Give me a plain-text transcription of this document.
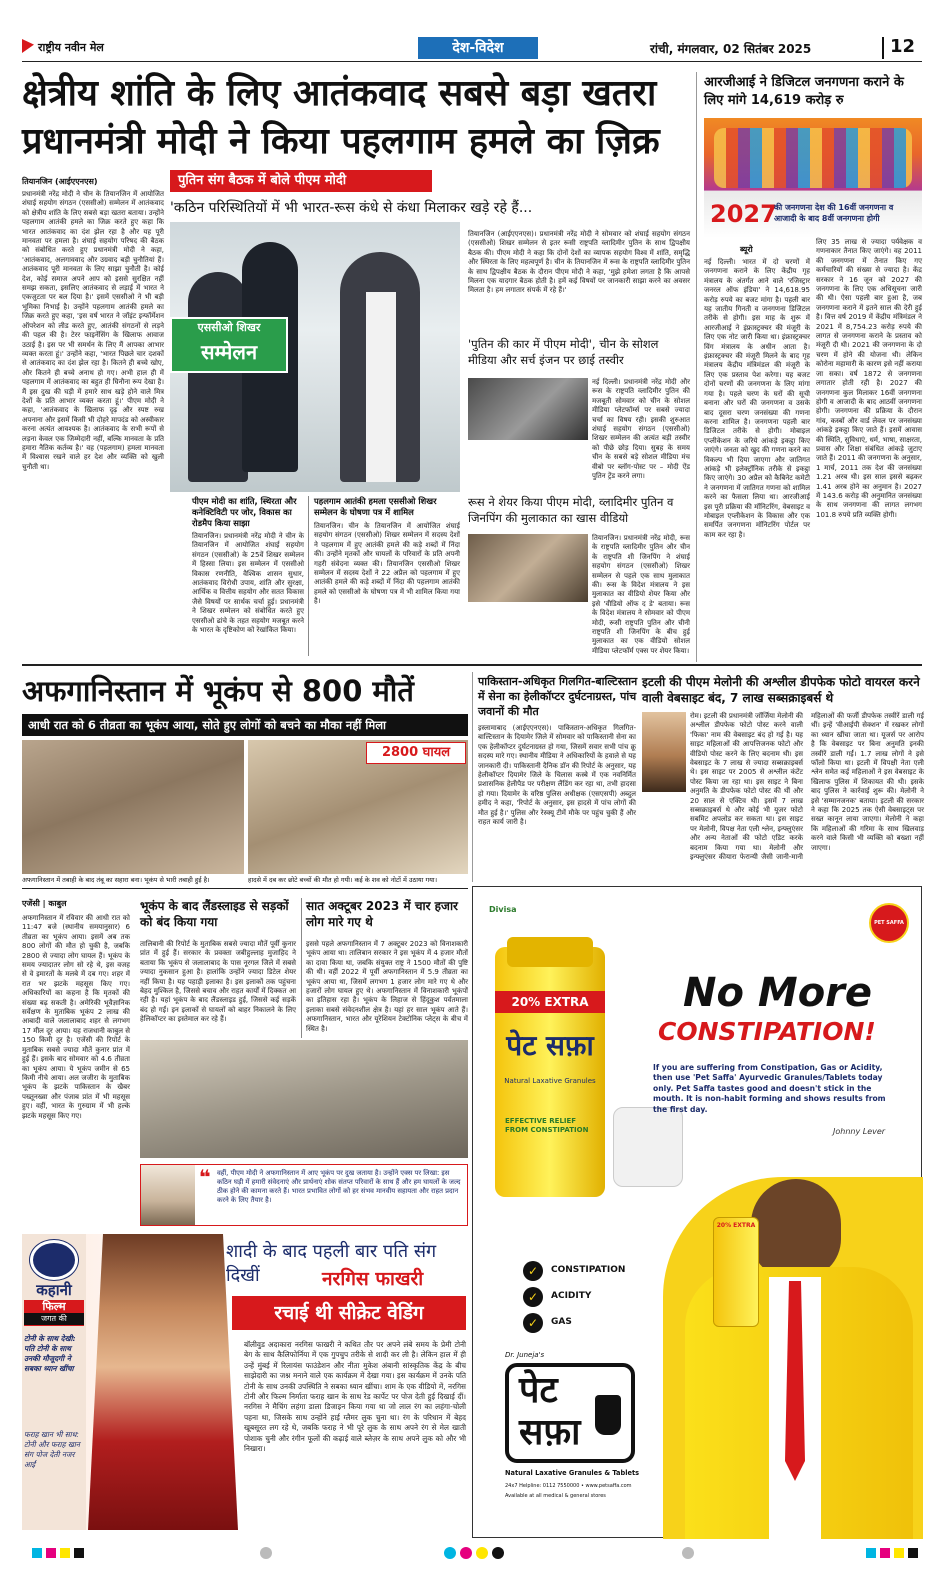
राष्ट्रीय नवीन मेल	देश-विदेश	रांची, मंगलवार, 02 सितंबर 2025	12
क्षेत्रीय शांति के लिए आतंकवाद सबसे बड़ा खतरा
प्रधानमंत्री मोदी ने किया पहलगाम हमले का ज़िक्र
पुतिन संग बैठक में बोले पीएम मोदी
'कठिन परिस्थितियों में भी भारत-रूस कंधे से कंधा मिलाकर खड़े रहे हैं...
तियानजिन (आईएएनएस)
प्रधानमंत्री नरेंद्र मोदी ने चीन के तियानजिन में आयोजित शंघाई सहयोग संगठन (एससीओ) सम्मेलन में आतंकवाद को क्षेत्रीय शांति के लिए सबसे बड़ा खतरा बताया। उन्होंने पहलगाम आतंकी हमले का जिक्र करते हुए कहा कि भारत आतंकवाद का दंश झेल रहा है और यह पूरी मानवता पर हमला है। शंघाई सहयोग परिषद की बैठक को संबोधित करते हुए प्रधानमंत्री मोदी ने कहा, 'आतंकवाद, अलगाववाद और उग्रवाद बड़ी चुनौतियां हैं। आतंकवाद पूरी मानवता के लिए साझा चुनौती है। कोई देश, कोई समाज अपने आप को इससे सुरक्षित नहीं समझ सकता, इसलिए आतंकवाद से लड़ाई में भारत ने एकजुटता पर बल दिया है।' इसमें एससीओ ने भी बड़ी भूमिका निभाई है। उन्होंने पहलगाम आतंकी हमले का जिक्र करते हुए कहा, 'इस वर्ष भारत ने जॉइंट इन्फॉर्मेशन ऑपरेशन को लीड करते हुए, आतंकी संगठनों से लड़ने की पहल की है। टेरर फाइनेंसिंग के खिलाफ आवाज उठाई है। इस पर भी समर्थन के लिए मैं आपका आभार व्यक्त करता हूं।' उन्होंने कहा, 'भारत पिछले चार दशकों से आतंकवाद का दंश झेल रहा है। कितने ही बच्चे खोए, और कितने ही बच्चे अनाथ हो गए। अभी हाल ही में पहलगाम में आतंकवाद का बहुत ही घिनौना रूप देखा है। मैं इस दुख की घड़ी में हमारे साथ खड़े होने वाले मित्र देशों के प्रति आभार व्यक्त करता हूं।' पीएम मोदी ने कहा, 'आतंकवाद के खिलाफ दृढ़ और स्पष्ट रुख अपनाना और इसमें किसी भी दोहरे मापदंड को अस्वीकार करना अत्यंत आवश्यक है। आतंकवाद के सभी रूपों से लड़ना केवल एक जिम्मेदारी नहीं, बल्कि मानवता के प्रति हमारा नैतिक कर्तव्य है।' वह (पहलगाम) हमला मानवता में विश्वास रखने वाले हर देश और व्यक्ति को खुली चुनौती था।
एससीओ शिखर
सम्मेलन
पीएम मोदी का शांति, स्थिरता और कनेक्टिविटी पर जोर, विकास का रोडमैप किया साझा
तियानजिन। प्रधानमंत्री नरेंद्र मोदी ने चीन के तियानजिन में आयोजित शंघाई सहयोग संगठन (एससीओ) के 25वें शिखर सम्मेलन में हिस्सा लिया। इस सम्मेलन में एससीओ विकास रणनीति, वैश्विक शासन सुधार, आतंकवाद विरोधी उपाय, शांति और सुरक्षा, आर्थिक व वित्तीय सहयोग और सतत विकास जैसे विषयों पर सार्थक चर्चा हुई। प्रधानमंत्री ने शिखर सम्मेलन को संबोधित करते हुए एससीओ ढांचे के तहत सहयोग मजबूत करने के भारत के दृष्टिकोण को रेखांकित किया।
पहलगाम आतंकी हमला एससीओ शिखर सम्मेलन के घोषणा पत्र में शामिल
तियानजिन। चीन के तियानजिन में आयोजित शंघाई सहयोग संगठन (एससीओ) शिखर सम्मेलन में सदस्य देशों ने पहलगाम में हुए आतंकी हमले की कड़े शब्दों में निंदा की। उन्होंने मृतकों और घायलों के परिवारों के प्रति अपनी गहरी संवेदना व्यक्त की। तियानजिन एससीओ शिखर सम्मेलन में सदस्य देशों ने 22 अप्रैल को पहलगाम में हुए आतंकी हमले की कड़े शब्दों में निंदा की पहलगाम आतंकी हमले को एससीओ के घोषणा पत्र में भी शामिल किया गया है।
तियानजिन (आईएएनएस)। प्रधानमंत्री नरेंद्र मोदी ने सोमवार को शंघाई सहयोग संगठन (एससीओ) शिखर सम्मेलन से इतर रूसी राष्ट्रपति व्लादिमीर पुतिन के साथ द्विपक्षीय बैठक की। पीएम मोदी ने कहा कि दोनों देशों का व्यापक सहयोग विश्व में शांति, समृद्धि और स्थिरता के लिए महत्वपूर्ण है। चीन के तियानजिन में रूस के राष्ट्रपति व्लादिमीर पुतिन के साथ द्विपक्षीय बैठक के दौरान पीएम मोदी ने कहा, 'मुझे हमेशा लगता है कि आपसे मिलना एक यादगार बैठक होती है। हमें कई विषयों पर जानकारी साझा करने का अवसर मिलता है। हम लगातार संपर्क में रहे हैं।'
'पुतिन की कार में पीएम मोदी', चीन के सोशल मीडिया और सर्च इंजन पर छाई तस्वीर
नई दिल्ली। प्रधानमंत्री नरेंद्र मोदी और रूस के राष्ट्रपति व्लादिमीर पुतिन की मजबूती सोमवार को चीन के सोशल मीडिया प्लेटफॉर्म्स पर सबसे ज्यादा चर्चा का विषय रही। इसकी शुरुआत शंघाई सहयोग संगठन (एससीओ) शिखर सम्मेलन की अत्यंत बड़ी तस्वीर को पीछे छोड़ दिया। सुबह के समय चीन के सबसे बड़े सोशल मीडिया मंच वीबो पर ब्लॉग-पोस्ट पर – मोदी ऐंड पुतिन ट्रेंड करने लगा।
रूस ने शेयर किया पीएम मोदी, व्लादिमीर पुतिन व जिनपिंग की मुलाकात का खास वीडियो
तियानजिन। प्रधानमंत्री नरेंद्र मोदी, रूस के राष्ट्रपति व्लादिमीर पुतिन और चीन के राष्ट्रपति शी जिनपिंग ने शंघाई सहयोग संगठन (एससीओ) शिखर सम्मेलन से पहले एक साथ मुलाकात की। रूस के विदेश मंत्रालय ने इस मुलाकात का वीडियो शेयर किया और इसे 'वीडियो ऑफ द डे' बताया। रूस के विदेश मंत्रालय ने सोमवार को पीएम मोदी, रूसी राष्ट्रपति पुतिन और चीनी राष्ट्रपति शी जिनपिंग के बीच हुई मुलाकात का एक वीडियो सोशल मीडिया प्लेटफॉर्म एक्स पर शेयर किया।
आरजीआई ने डिजिटल जनगणना कराने के लिए मांगे 14,619 करोड़ रु
2027
की जनगणना देश की 16वीं जनगणना व आजादी के बाद 8वीं जनगणना होगी
ब्यूरो
नई दिल्ली। भारत में दो चरणों में जनगणना कराने के लिए केंद्रीय गृह मंत्रालय के अंतर्गत आने वाले 'रजिस्ट्रार जनरल ऑफ इंडिया' ने 14,618.95 करोड़ रुपये का बजट मांगा है। पहली बार यह जातीय गिनती व जनगणना डिजिटल तरीके से होगी। इस माह के शुरू में आरजीआई ने इंफ्रास्ट्रक्चर की मंजूरी के लिए एक नोट जारी किया था। इंफ्रास्ट्रक्चर विंग मंत्रालय के अधीन आता है। इंफ्रास्ट्रक्चर की मंजूरी मिलने के बाद गृह मंत्रालय केंद्रीय मंत्रिमंडल की मंजूरी के लिए एक प्रस्ताव पेश करेगा। यह बजट दोनों चरणों की जनगणना के लिए मांगा गया है। पहले चरण के घरों की सूची बनाना और घरों की जनगणना व उसके बाद दूसरा चरण जनसंख्या की गणना करना शामिल है। जनगणना पहली बार डिजिटल तरीके से होगी। मोबाइल एप्लीकेशन के जरिये आंकड़े इकट्ठा किए जाएंगे। जनता को खुद की गणना करने का विकल्प भी दिया जाएगा और जातिगत आंकड़े भी इलेक्ट्रॉनिक तरीके से इकट्ठा किए जाएंगे। 30 अप्रैल को कैबिनेट कमेटी ने जनगणना में जातिगत गणना को शामिल करने का फैसला लिया था। आरजीआई इस पूरी प्रक्रिया की मॉनिटरिंग, वेबसाइट व मोबाइल एप्लीकेशन के विकास और एक समर्पित जनगणना मॉनिटरिंग पोर्टल पर काम कर रहा है।
लिए 35 लाख से ज्यादा पर्यवेक्षक व गणनाकार तैनात किए जाएंगे। वह 2011 की जनगणना में तैनात किए गए कर्मचारियों की संख्या से ज्यादा है। केंद्र सरकार ने 16 जून को 2027 की जनगणना के लिए एक अधिसूचना जारी की थी। ऐसा पहली बार हुआ है, जब जनगणना कराने में इतने साल की देरी हुई है। वित्त वर्ष 2019 में केंद्रीय मंत्रिमंडल ने 2021 में 8,754.23 करोड़ रुपये की लागत से जनगणना कराने के प्रस्ताव को मंजूरी दी थी। 2021 की जनगणना के दो चरण में होने की योजना थी। लेकिन कोरोना महामारी के कारण इसे नहीं कराया जा सका। वर्ष 1872 से जनगणना लगातार होती रही है। 2027 की जनगणना कुल मिलाकर 16वीं जनगणना होगी व आजादी के बाद आठवीं जनगणना होगी। जनगणना की प्रक्रिया के दौरान गांव, कस्बों और वार्ड लेवल पर जनसंख्या आंकड़े इकट्ठा किए जाते हैं। इसमें आवास की स्थिति, सुविधाएं, धर्म, भाषा, साक्षरता, प्रवास और शिक्षा संबंधित आंकड़े जुटाए जाते हैं। 2011 की जनगणना के अनुसार, 1 मार्च, 2011 तक देश की जनसंख्या 1.21 अरब थी। इस साल इससे बढ़कर 1.41 अरब होने का अनुमान है। 2027 में 143.6 करोड़ की अनुमानित जनसंख्या के साथ जनगणना की लागत लगभग 101.8 रुपये प्रति व्यक्ति होगी।
अफगानिस्तान में भूकंप से 800 मौतें
आधी रात को 6 तीव्रता का भूकंप आया, सोते हुए लोगों को बचने का मौका नहीं मिला
2800 घायल
अफगानिस्तान में तबाही के बाद तंबू का सहारा बना। भूकंप से भारी तबाही हुई है।	हादसे में दब कर छोटे बच्चों की मौत हो गयी। कई के शव को नोटों में उठाया गया।
एजेंसी | काबुल
अफगानिस्तान में रविवार की आधी रात को 11:47 बजे (स्थानीय समयानुसार) 6 तीव्रता का भूकंप आया। इसमें अब तक 800 लोगों की मौत हो चुकी है, जबकि 2800 से ज्यादा लोग घायल हैं। भूकंप के समय ज्यादातर लोग सो रहे थे, इस वजह से वे इमारतों के मलबे में दब गए। शहर में रात भर झटके महसूस किए गए। अधिकारियों का कहना है कि मृतकों की संख्या बढ़ सकती है। अमेरिकी भूवैज्ञानिक सर्वेक्षण के मुताबिक भूकंप 2 लाख की आबादी वाले जलालाबाद शहर से लगभग 17 मील दूर आया। यह राजधानी काबुल से 150 किमी दूर है। एजेंसी की रिपोर्ट के मुताबिक सबसे ज्यादा मौतें कुनार प्रांत में हुई हैं। इसके बाद सोमवार को 4.6 तीव्रता का भूकंप आया। ये भूकंप जमीन से 65 किमी नीचे आया। अल जजीरा के मुताबिक भूकंप के झटके पाकिस्तान के खैबर पख्तूनख्वा और पंजाब प्रांत में भी महसूस हुए। वहीं, भारत के गुरुग्राम में भी हल्के झटके महसूस किए गए।
भूकंप के बाद लैंडस्लाइड से सड़कों को बंद किया गया
तालिबानी की रिपोर्ट के मुताबिक सबसे ज्यादा मौतें पूर्वी कुनार प्रांत में हुई हैं। सरकार के प्रवक्ता जबीहुल्लाह मुजाहिद ने बताया कि भूकंप से जलालाबाद के पास नूरगल जिले में सबसे ज्यादा नुकसान हुआ है। हालांकि उन्होंने ज्यादा डिटेल शेयर नहीं किया है। यह पहाड़ी इलाका है। इस इलाकों तक पहुंचना बेहद मुश्किल है, जिससे बचाव और राहत कार्यों में दिक्कत आ रही है। यहां भूकंप के बाद लैंडस्लाइड हुई, जिससे कई सड़कें बंद हो गईं। इन इलाकों से घायलों को बाहर निकालने के लिए हेलिकॉप्टर का इस्तेमाल कर रहे हैं।
सात अक्टूबर 2023 में चार हजार लोग मारे गए थे
इससे पहले अफगानिस्तान में 7 अक्टूबर 2023 को विनाशकारी भूकंप आया था। तालिबान सरकार ने इस भूकंप में 4 हजार मौतों का दावा किया था, जबकि संयुक्त राष्ट्र ने 1500 मौतों की पुष्टि की थी। वहीं 2022 में पूर्वी अफगानिस्तान में 5.9 तीव्रता का भूकंप आया था, जिसमें लगभग 1 हजार लोग मारे गए थे और हजारों लोग घायल हुए थे। अफगानिस्तान में विनाशकारी भूकंपों का इतिहास रहा है। भूकंप के लिहाज से हिंदूकुश पर्वतमाला इलाका सबसे संवेदनशील क्षेत्र है। यहां हर साल भूकंप आते हैं। अफगानिस्तान, भारत और यूरेशियन टेक्टोनिक प्लेट्स के बीच में स्थित है।
❝ वहीं, पीएम मोदी ने अफगानिस्तान में आए भूकंप पर दुख जताया है। उन्होंने एक्स पर लिखा: इस कठिन घड़ी में हमारी संवेदनाएं और प्रार्थनाएं शोक संतप्त परिवारों के साथ हैं और हम घायलों के जल्द ठीक होने की कामना करते हैं। भारत प्रभावित लोगों को हर संभव मानवीय सहायता और राहत प्रदान करने के लिए तैयार है।
पाकिस्तान-अधिकृत गिलगित-बाल्टिस्तान में सेना का हेलीकॉप्टर दुर्घटनाग्रस्त, पांच जवानों की मौत
इस्लामाबाद (आईएएनएस)। पाकिस्तान-अधिकृत गिलगित-बाल्टिस्तान के दियामेर जिले में सोमवार को पाकिस्तानी सेना का एक हेलीकॉप्टर दुर्घटनाग्रस्त हो गया, जिसमें सवार सभी पांच क्रू सदस्य मारे गए। स्थानीय मीडिया ने अधिकारियों के हवाले से यह जानकारी दी। पाकिस्तानी दैनिक डॉन की रिपोर्ट के अनुसार, यह हेलीकॉप्टर दियामेर जिले के चिलास कस्बे में एक नवनिर्मित प्रशासनिक हेलीपैड पर परीक्षण लैंडिंग कर रहा था, तभी हादसा हो गया। दियामेर के वरिष्ठ पुलिस अधीक्षक (एसएसपी) अब्दुल हमीद ने कहा, 'रिपोर्ट के अनुसार, इस हादसे में पांच लोगों की मौत हुई है।' पुलिस और रेस्क्यू टीमें मौके पर पहुंच चुकी हैं और राहत कार्य जारी है।
इटली की पीएम मेलोनी की अश्लील डीपफेक फोटो वायरल करने वाली वेबसाइट बंद, 7 लाख सब्सक्राइबर्स थे
रोम। इटली की प्रधानमंत्री जॉर्जिया मेलोनी की अश्लील डीपफेक फोटो पोस्ट करने वाली 'फिका' नाम की वेबसाइट बंद हो गई है। यह साइट महिलाओं की आपत्तिजनक फोटो और वीडियो पोस्ट करने के लिए बदनाम थी। इस वेबसाइट के 7 लाख से ज्यादा सब्सक्राइबर्स थे। इस साइट पर 2005 से अश्लील कंटेंट पोस्ट किया जा रहा था। इस साइट ने बिना अनुमति के डीपफेक फोटो पोस्ट की थीं और 20 साल से एक्टिव थी। इसमें 7 लाख सब्सक्राइबर्स थे और कोई भी यूजर फोटो सबमिट अपलोड कर सकता था। इस साइट पर मेलोनी, विपक्ष नेता एली श्लेन, इन्फ्लुएंसर और अन्य नेताओं की फोटो एडिट करके बदनाम किया गया था। मेलोनी और इन्फ्लुएंसर कीयारा फेरान्यी जैसी जानी-मानी महिलाओं की फर्जी डीपफेक तस्वीरें डाली गई थीं। इन्हें 'वीआईपी सेक्शन' में रखकर लोगों का ध्यान खींचा जाता था। यूजर्स पर आरोप है कि वेबसाइट पर बिना अनुमति इनकी तस्वीरें डाली गईं। 1.7 लाख लोगों ने इसे फॉलो किया था। इटली में विपक्षी नेता एली श्लेन समेत कई महिलाओं ने इस वेबसाइट के खिलाफ पुलिस में शिकायत की थी। इसके बाद पुलिस ने कार्रवाई शुरू की। मेलोनी ने इसे 'सम्मानजनक' बताया। इटली की सरकार ने कहा कि 2025 तक ऐसी वेबसाइट्स पर सख्त कानून लाया जाएगा। मेलोनी ने कहा कि महिलाओं की गरिमा के साथ खिलवाड़ करने वाले किसी भी व्यक्ति को बख्शा नहीं जाएगा।
कहानी
फिल्म
जगत की
टोनी के साथ देखी: पति टोनी के साथ उनकी मौजूदगी ने सबका ध्यान खींचा
फराह खान भी साथ: टोनी और फराह खान संग पोज देती नजर आईं
शादी के बाद पहली बार पति संग दिखीं	नरगिस फाखरी
रचाई थी सीक्रेट वेडिंग
बॉलीवुड अदाकारा नरगिस फाखरी ने कथित तौर पर अपने लंबे समय के प्रेमी टोनी बेग के साथ कैलिफोर्निया में एक गुपचुप तरीके से शादी कर ली है। लेकिन हाल में ही उन्हें मुंबई में रिलायंस फाउंडेशन और नीता मुकेश अंबानी सांस्कृतिक केंद्र के बीच साझेदारी का जश्न मनाने वाले एक कार्यक्रम में देखा गया। इस कार्यक्रम में उनके पति टोनी के साथ उनकी उपस्थिति ने सबका ध्यान खींचा। शाम के एक वीडियो में, नरगिस टोनी और फिल्म निर्माता फराह खान के साथ रेड कार्पेट पर पोज देती हुई दिखाई दीं। नरगिस ने मैचिंग लहंगा डाला डिजाइन किया गया था जो लाल रंग का लहंगा-चोली पहना था, जिसके साथ उन्होंने हाई ग्लैमर लुक चुना था। रंग के परिधान में बेहद खूबसूरत लग रहे थे, जबकि फराह ने भी पूरे लुक के साथ अपने रंग से मेल खाती पोशाक चुनी और रंगीन फूलों की कढ़ाई वाले ब्लेज़र के साथ अपने लुक को और भी निखारा।
Divisa
20% EXTRA
पेट सफ़ा
Natural Laxative Granules
EFFECTIVE RELIEF FROM CONSTIPATION
No More
CONSTIPATION!
If you are suffering from Constipation, Gas or Acidity, then use 'Pet Saffa' Ayurvedic Granules/Tablets today only. Pet Saffa tastes good and doesn't stick in the mouth. It is non-habit forming and shows results from the first day.
Johnny Lever
✓	CONSTIPATION
✓	ACIDITY
✓	GAS
Dr. Juneja's
पेट
सफ़ा
Natural Laxative Granules & Tablets
24x7 Helpline: 0112 7550000 • www.petsaffa.com
Available at all medical & general stores
20% EXTRA
PET SAFFA
